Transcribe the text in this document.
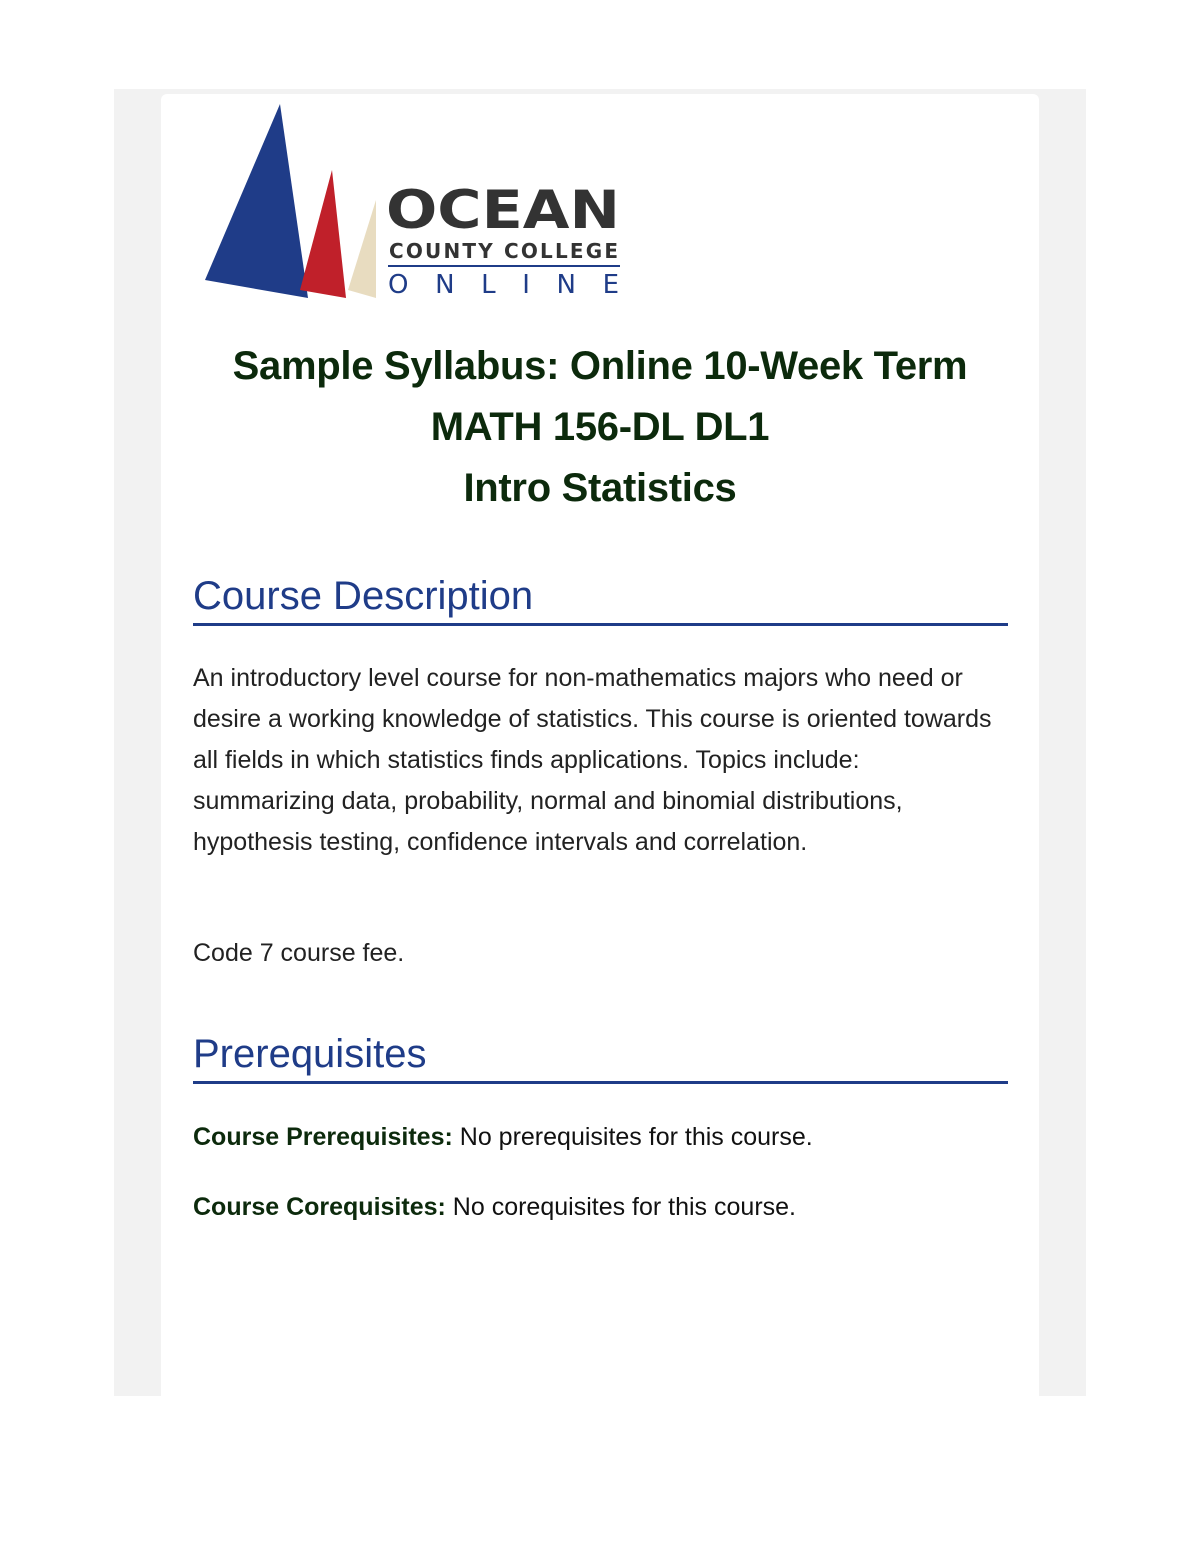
OCEAN
COUNTY COLLEGE
ONLINE
Sample Syllabus: Online 10-Week Term
MATH 156-DL DL1
Intro Statistics
Course Description
An introductory level course for non-mathematics majors who need or desire a working knowledge of statistics. This course is oriented towards all fields in which statistics finds applications. Topics include: summarizing data, probability, normal and binomial distributions, hypothesis testing, confidence intervals and correlation.
Code 7 course fee.
Prerequisites
Course Prerequisites: No prerequisites for this course.
Course Corequisites: No corequisites for this course.
